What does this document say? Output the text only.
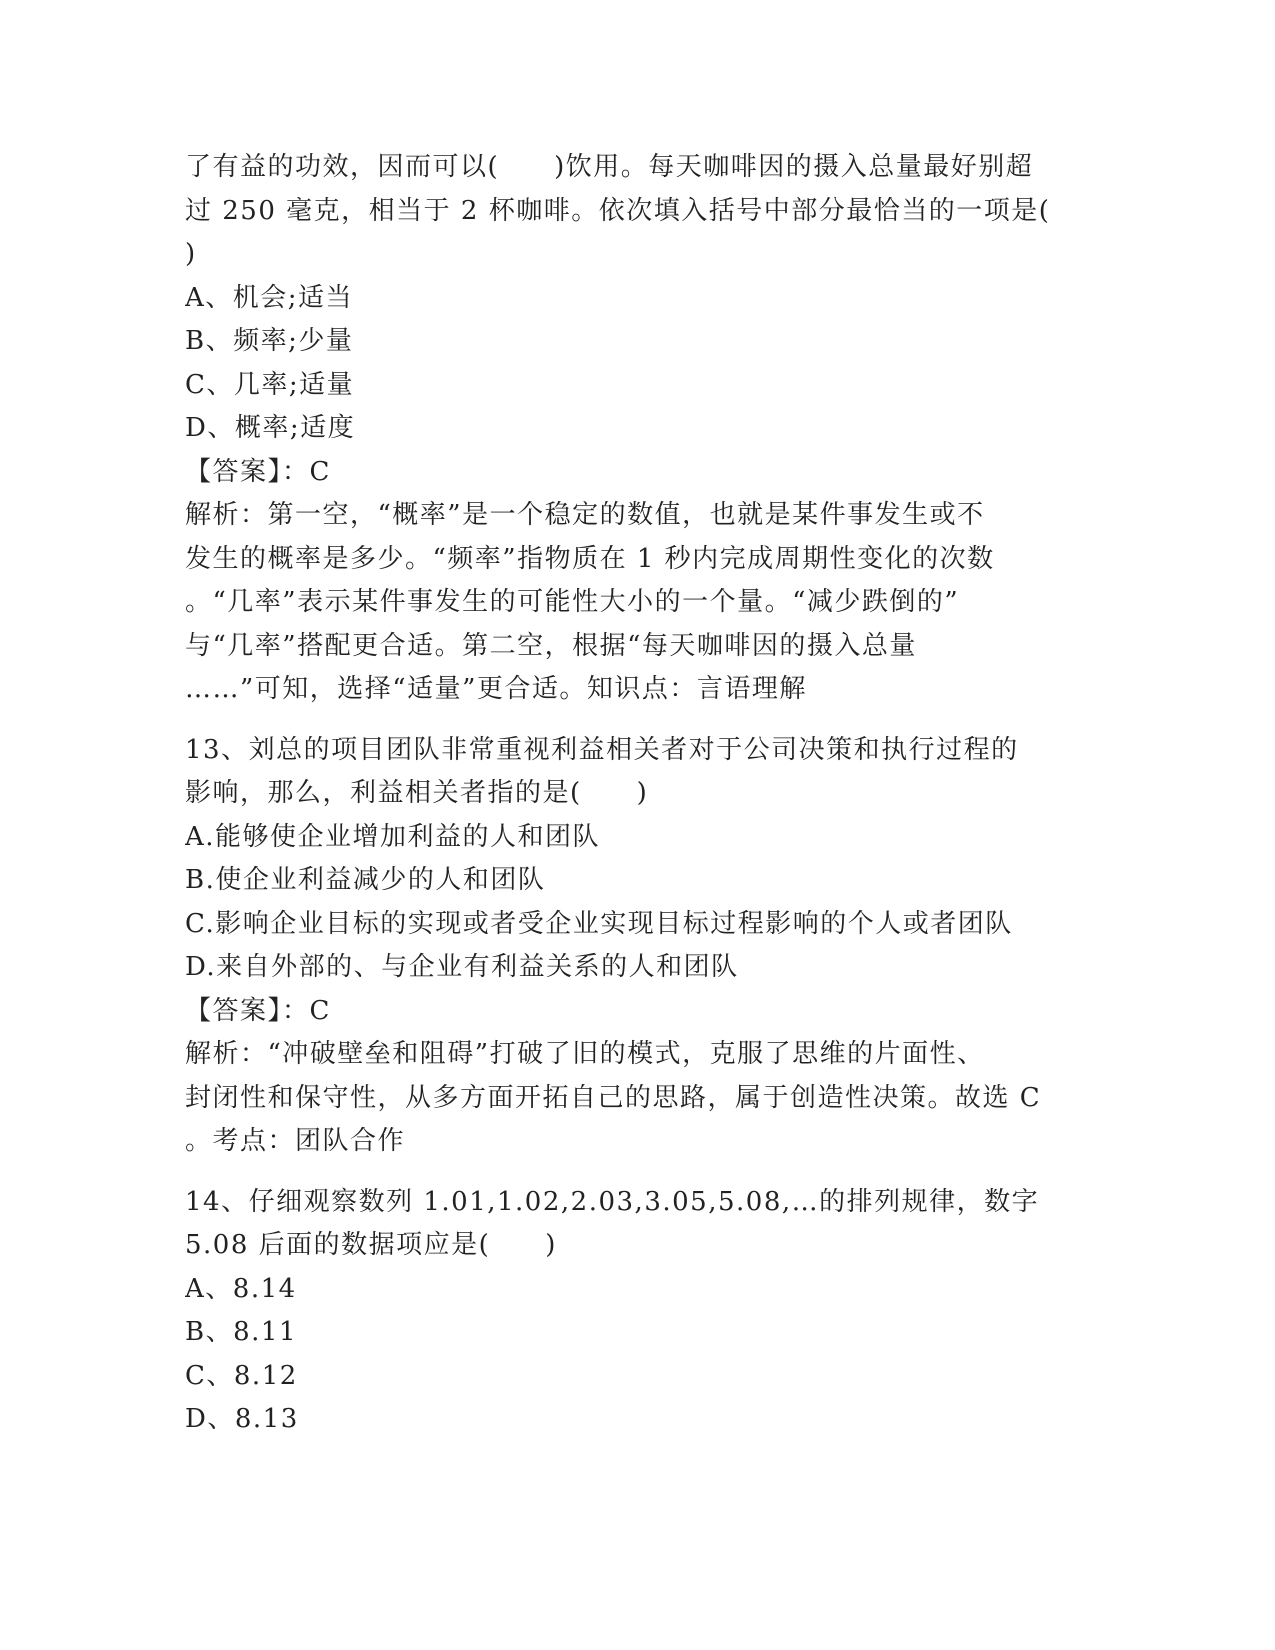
了有益的功效，因而可以(　　)饮用。每天咖啡因的摄入总量最好别超
过 250 毫克，相当于 2 杯咖啡。依次填入括号中部分最恰当的一项是(
)
A、机会;适当
B、频率;少量
C、几率;适量
D、概率;适度
【答案】：C
解析：第一空，“概率”是一个稳定的数值，也就是某件事发生或不
发生的概率是多少。“频率”指物质在 1 秒内完成周期性变化的次数
。“几率”表示某件事发生的可能性大小的一个量。“减少跌倒的”
与“几率”搭配更合适。第二空，根据“每天咖啡因的摄入总量
……”可知，选择“适量”更合适。知识点：言语理解
13、刘总的项目团队非常重视利益相关者对于公司决策和执行过程的
影响，那么，利益相关者指的是(　　)
A.能够使企业增加利益的人和团队
B.使企业利益减少的人和团队
C.影响企业目标的实现或者受企业实现目标过程影响的个人或者团队
D.来自外部的、与企业有利益关系的人和团队
【答案】：C
解析：“冲破壁垒和阻碍”打破了旧的模式，克服了思维的片面性、
封闭性和保守性，从多方面开拓自己的思路，属于创造性决策。故选 C
。考点：团队合作
14、仔细观察数列 1.01,1.02,2.03,3.05,5.08,…的排列规律，数字
5.08 后面的数据项应是(　　)
A、8.14
B、8.11
C、8.12
D、8.13
